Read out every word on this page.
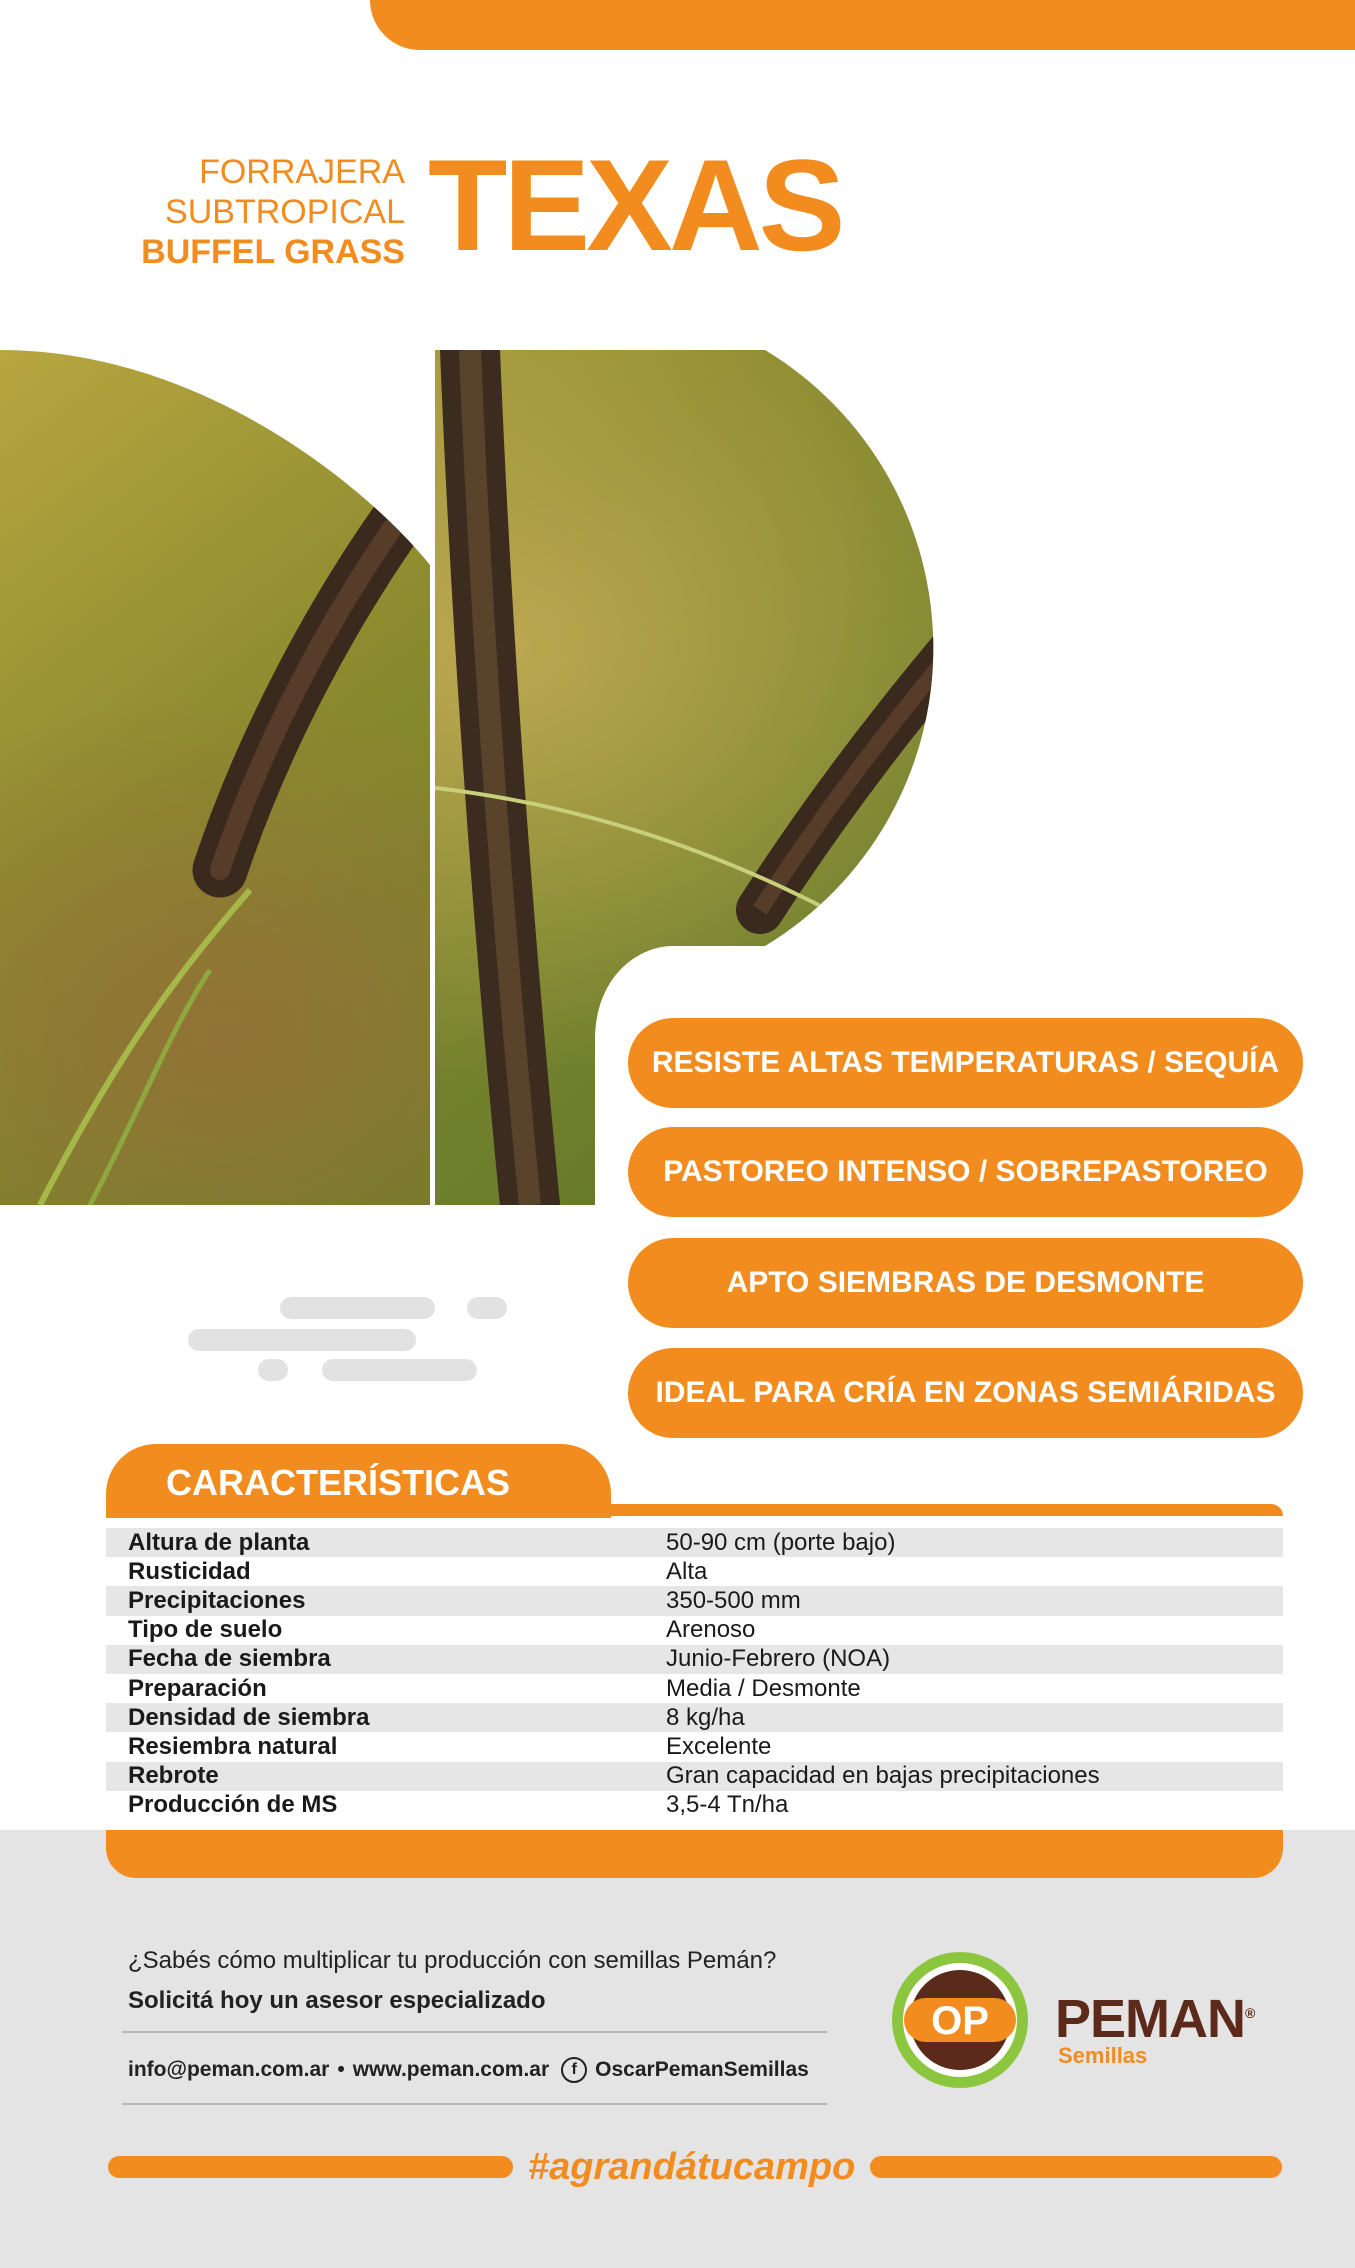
FORRAJERA
SUBTROPICAL
BUFFEL GRASS TEXAS
RESISTE ALTAS TEMPERATURAS / SEQUÍA
PASTOREO INTENSO / SOBREPASTOREO
APTO SIEMBRAS DE DESMONTE
IDEAL PARA CRÍA EN ZONAS SEMIÁRIDAS
CARACTERÍSTICAS
Altura de planta	50-90 cm (porte bajo)
Rusticidad	Alta
Precipitaciones	350-500 mm
Tipo de suelo	Arenoso
Fecha de siembra	Junio-Febrero (NOA)
Preparación	Media / Desmonte
Densidad de siembra	8 kg/ha
Resiembra natural	Excelente
Rebrote	Gran capacidad en bajas precipitaciones
Producción de MS	3,5-4 Tn/ha
¿Sabés cómo multiplicar tu producción con semillas Pemán?
Solicitá hoy un asesor especializado
info@peman.com.ar • www.peman.com.ar	f OscarPemanSemillas
OP PEMAN®
Semillas
#agrandátucampo
